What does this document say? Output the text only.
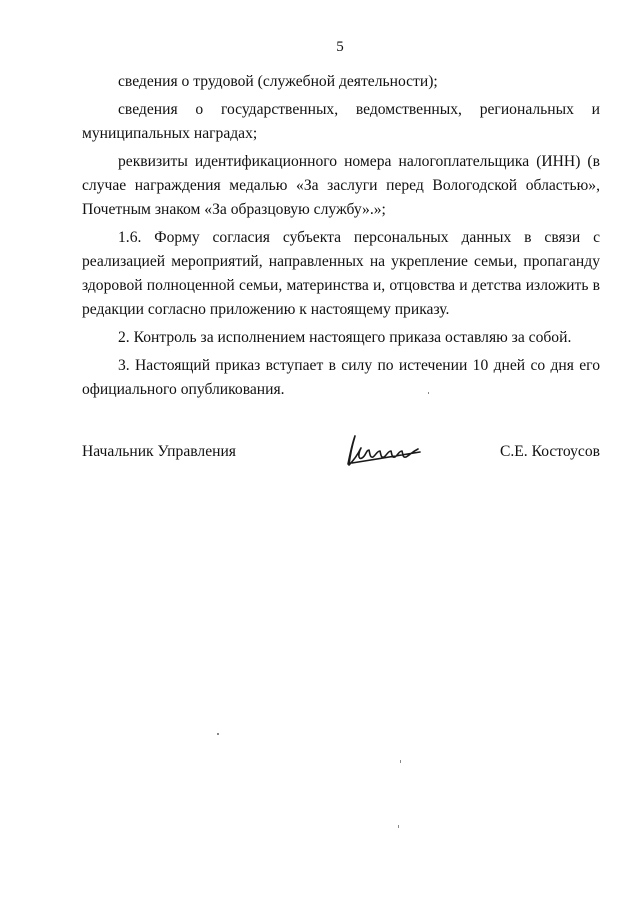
5

сведения о трудовой (служебной деятельности);

сведения о государственных, ведомственных, региональных и муниципальных наградах;

реквизиты идентификационного номера налогоплательщика (ИНН) (в случае награждения медалью «За заслуги перед Вологодской областью», Почетным знаком «За образцовую службу».»;

1.6. Форму согласия субъекта персональных данных в связи с реализацией мероприятий, направленных на укрепление семьи, пропаганду здоровой полноценной семьи, материнства и, отцовства и детства изложить в редакции согласно приложению к настоящему приказу.

2. Контроль за исполнением настоящего приказа оставляю за собой.

3. Настоящий приказ вступает в силу по истечении 10 дней со дня его официального опубликования.

Начальник Управления	С.Е. Костоусов
